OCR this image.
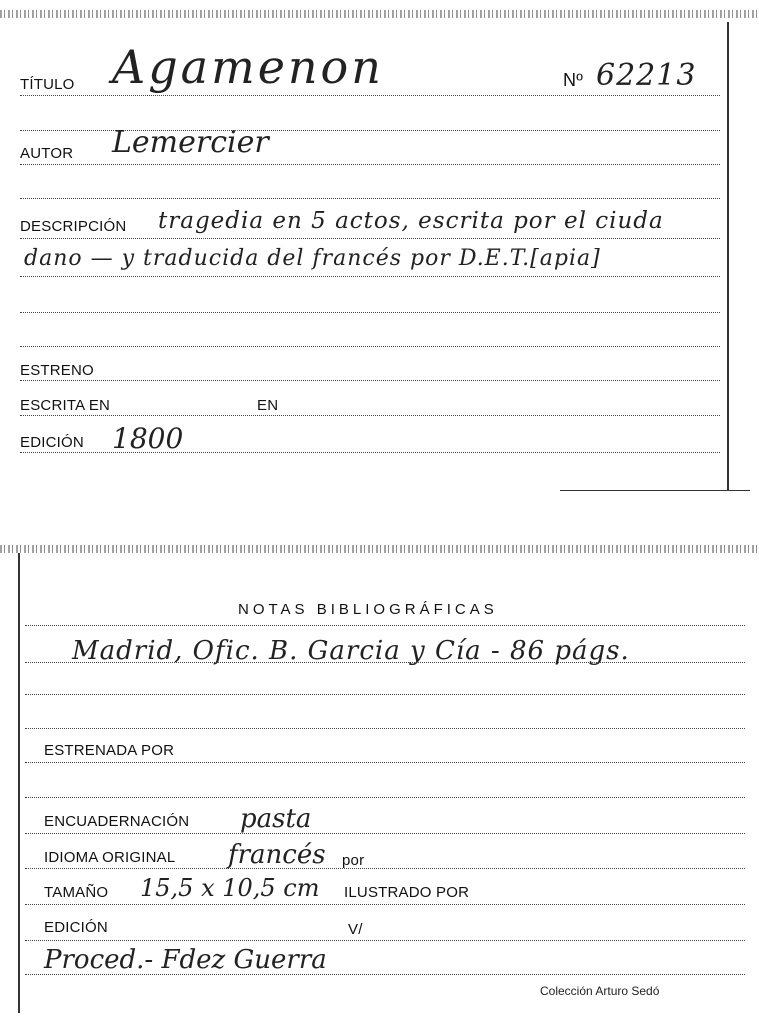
TÍTULO Agamenon	Nº 62213
AUTOR Lemercier
DESCRIPCIÓN tragedia en 5 actos, escrita por el ciuda
dano — y traducida del francés por D.E.T.[apia]
ESTRENO
ESCRITA EN	EN
EDICIÓN 1800
NOTAS BIBLIOGRÁFICAS
Madrid, Ofic. B. Garcia y Cía - 86 págs.
ESTRENADA POR
ENCUADERNACIÓN pasta
IDIOMA ORIGINAL francés por
TAMAÑO 15,5 x 10,5 cm ILUSTRADO POR
EDICIÓN	V/
Proced.- Fdez Guerra
Colección Arturo Sedó
